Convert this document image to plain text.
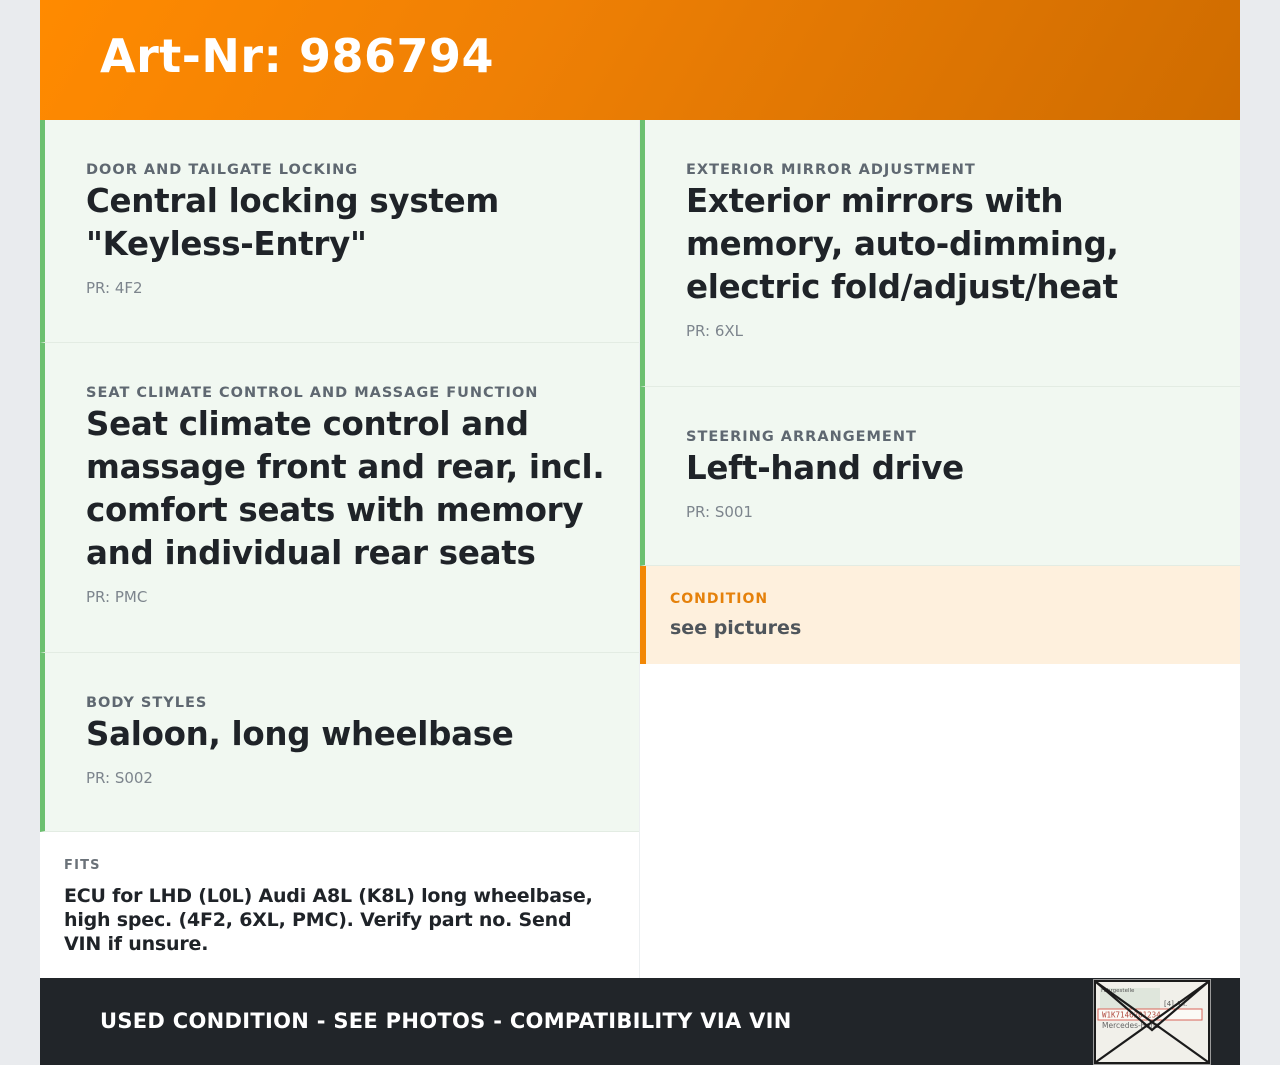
Art-Nr: 986794
DOOR AND TAILGATE LOCKING
Central locking system "Keyless-Entry"
PR: 4F2
SEAT CLIMATE CONTROL AND MASSAGE FUNCTION
Seat climate control and massage front and rear, incl. comfort seats with memory and individual rear seats
PR: PMC
BODY STYLES
Saloon, long wheelbase
PR: S002
EXTERIOR MIRROR ADJUSTMENT
Exterior mirrors with memory, auto-dimming, electric fold/adjust/heat
PR: 6XL
STEERING ARRANGEMENT
Left-hand drive
PR: S001
CONDITION
see pictures
FITS
ECU for LHD (L0L) Audi A8L (K8L) long wheelbase, high spec. (4F2, 6XL, PMC). Verify part no. Send VIN if unsure.
USED CONDITION - SEE PHOTOS - COMPATIBILITY VIA VIN
Fahrgestelle
[4] A.f.
W1K7146201234
Mercedes-Benz
